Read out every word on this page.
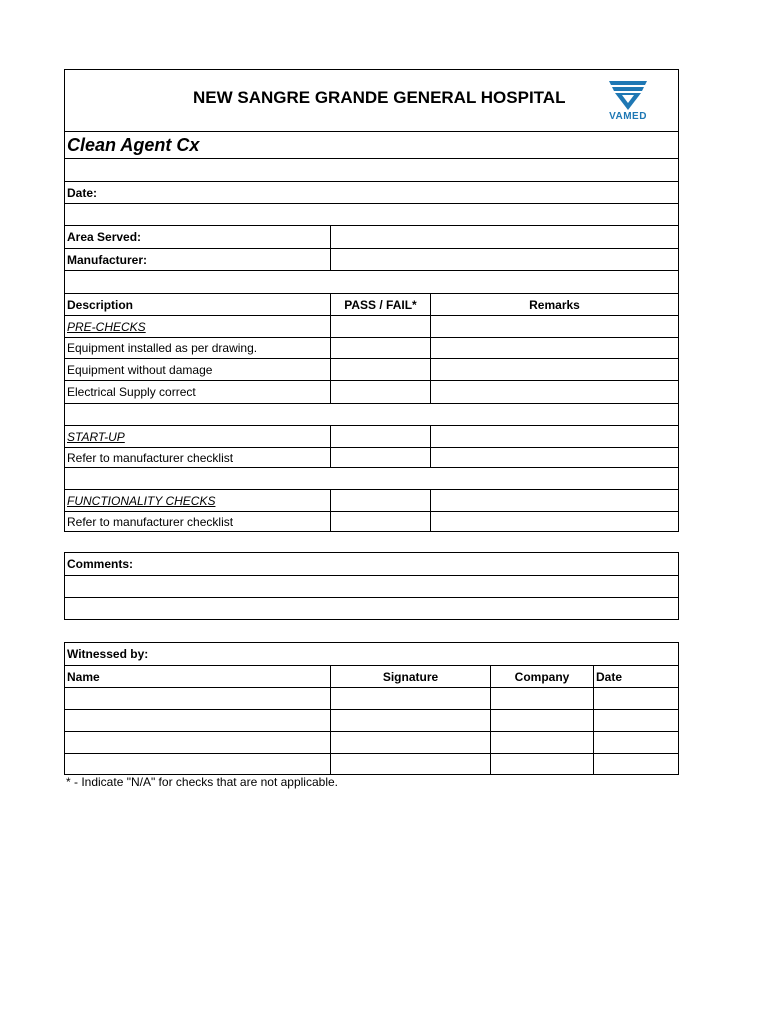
NEW SANGRE GRANDE GENERAL HOSPITAL
VAMED
Clean Agent Cx
Date:
Area Served:
Manufacturer:
Description	PASS / FAIL*	Remarks
PRE-CHECKS
Equipment installed as per drawing.
Equipment without damage
Electrical Supply correct
START-UP
Refer to manufacturer checklist
FUNCTIONALITY CHECKS
Refer to manufacturer checklist
Comments:
Witnessed by:
Name	Signature	Company	Date
* - Indicate "N/A" for checks that are not applicable.
